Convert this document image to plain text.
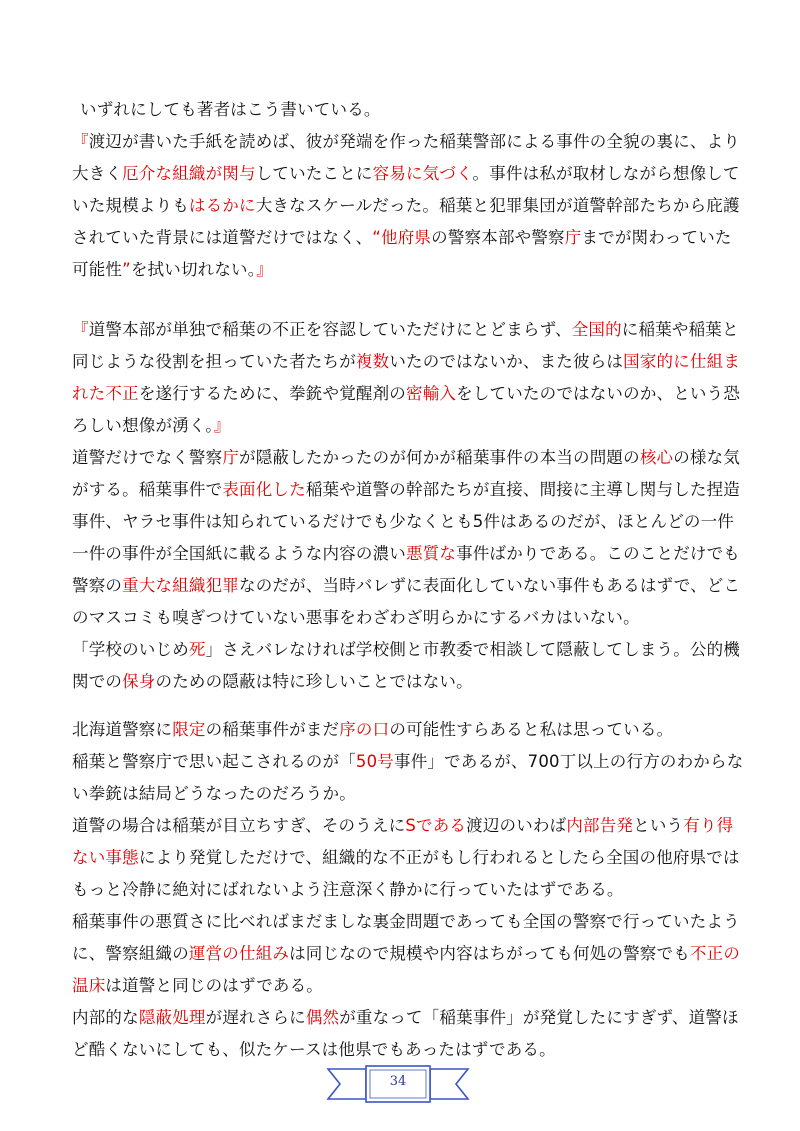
いずれにしても著者はこう書いている。
『渡辺が書いた手紙を読めば、彼が発端を作った稲葉警部による事件の全貌の裏に、より
大きく厄介な組織が関与していたことに容易に気づく。事件は私が取材しながら想像して
いた規模よりもはるかに大きなスケールだった。稲葉と犯罪集団が道警幹部たちから庇護
されていた背景には道警だけではなく、“他府県の警察本部や警察庁までが関わっていた
可能性”を拭い切れない。』
『道警本部が単独で稲葉の不正を容認していただけにとどまらず、全国的に稲葉や稲葉と
同じような役割を担っていた者たちが複数いたのではないか、また彼らは国家的に仕組ま
れた不正を遂行するために、拳銃や覚醒剤の密輸入をしていたのではないのか、という恐
ろしい想像が湧く。』
道警だけでなく警察庁が隠蔽したかったのが何かが稲葉事件の本当の問題の核心の様な気
がする。稲葉事件で表面化した稲葉や道警の幹部たちが直接、間接に主導し関与した捏造
事件、ヤラセ事件は知られているだけでも少なくとも5件はあるのだが、ほとんどの一件
一件の事件が全国紙に載るような内容の濃い悪質な事件ばかりである。このことだけでも
警察の重大な組織犯罪なのだが、当時バレずに表面化していない事件もあるはずで、どこ
のマスコミも嗅ぎつけていない悪事をわざわざ明らかにするバカはいない。
「学校のいじめ死」さえバレなければ学校側と市教委で相談して隠蔽してしまう。公的機
関での保身のための隠蔽は特に珍しいことではない。
北海道警察に限定の稲葉事件がまだ序の口の可能性すらあると私は思っている。
稲葉と警察庁で思い起こされるのが「50号事件」であるが、700丁以上の行方のわからな
い拳銃は結局どうなったのだろうか。
道警の場合は稲葉が目立ちすぎ、そのうえにSである渡辺のいわば内部告発という有り得
ない事態により発覚しただけで、組織的な不正がもし行われるとしたら全国の他府県では
もっと冷静に絶対にばれないよう注意深く静かに行っていたはずである。
稲葉事件の悪質さに比べればまだましな裏金問題であっても全国の警察で行っていたよう
に、警察組織の運営の仕組みは同じなので規模や内容はちがっても何処の警察でも不正の
温床は道警と同じのはずである。
内部的な隠蔽処理が遅れさらに偶然が重なって「稲葉事件」が発覚したにすぎず、道警ほ
ど酷くないにしても、似たケースは他県でもあったはずである。
34
